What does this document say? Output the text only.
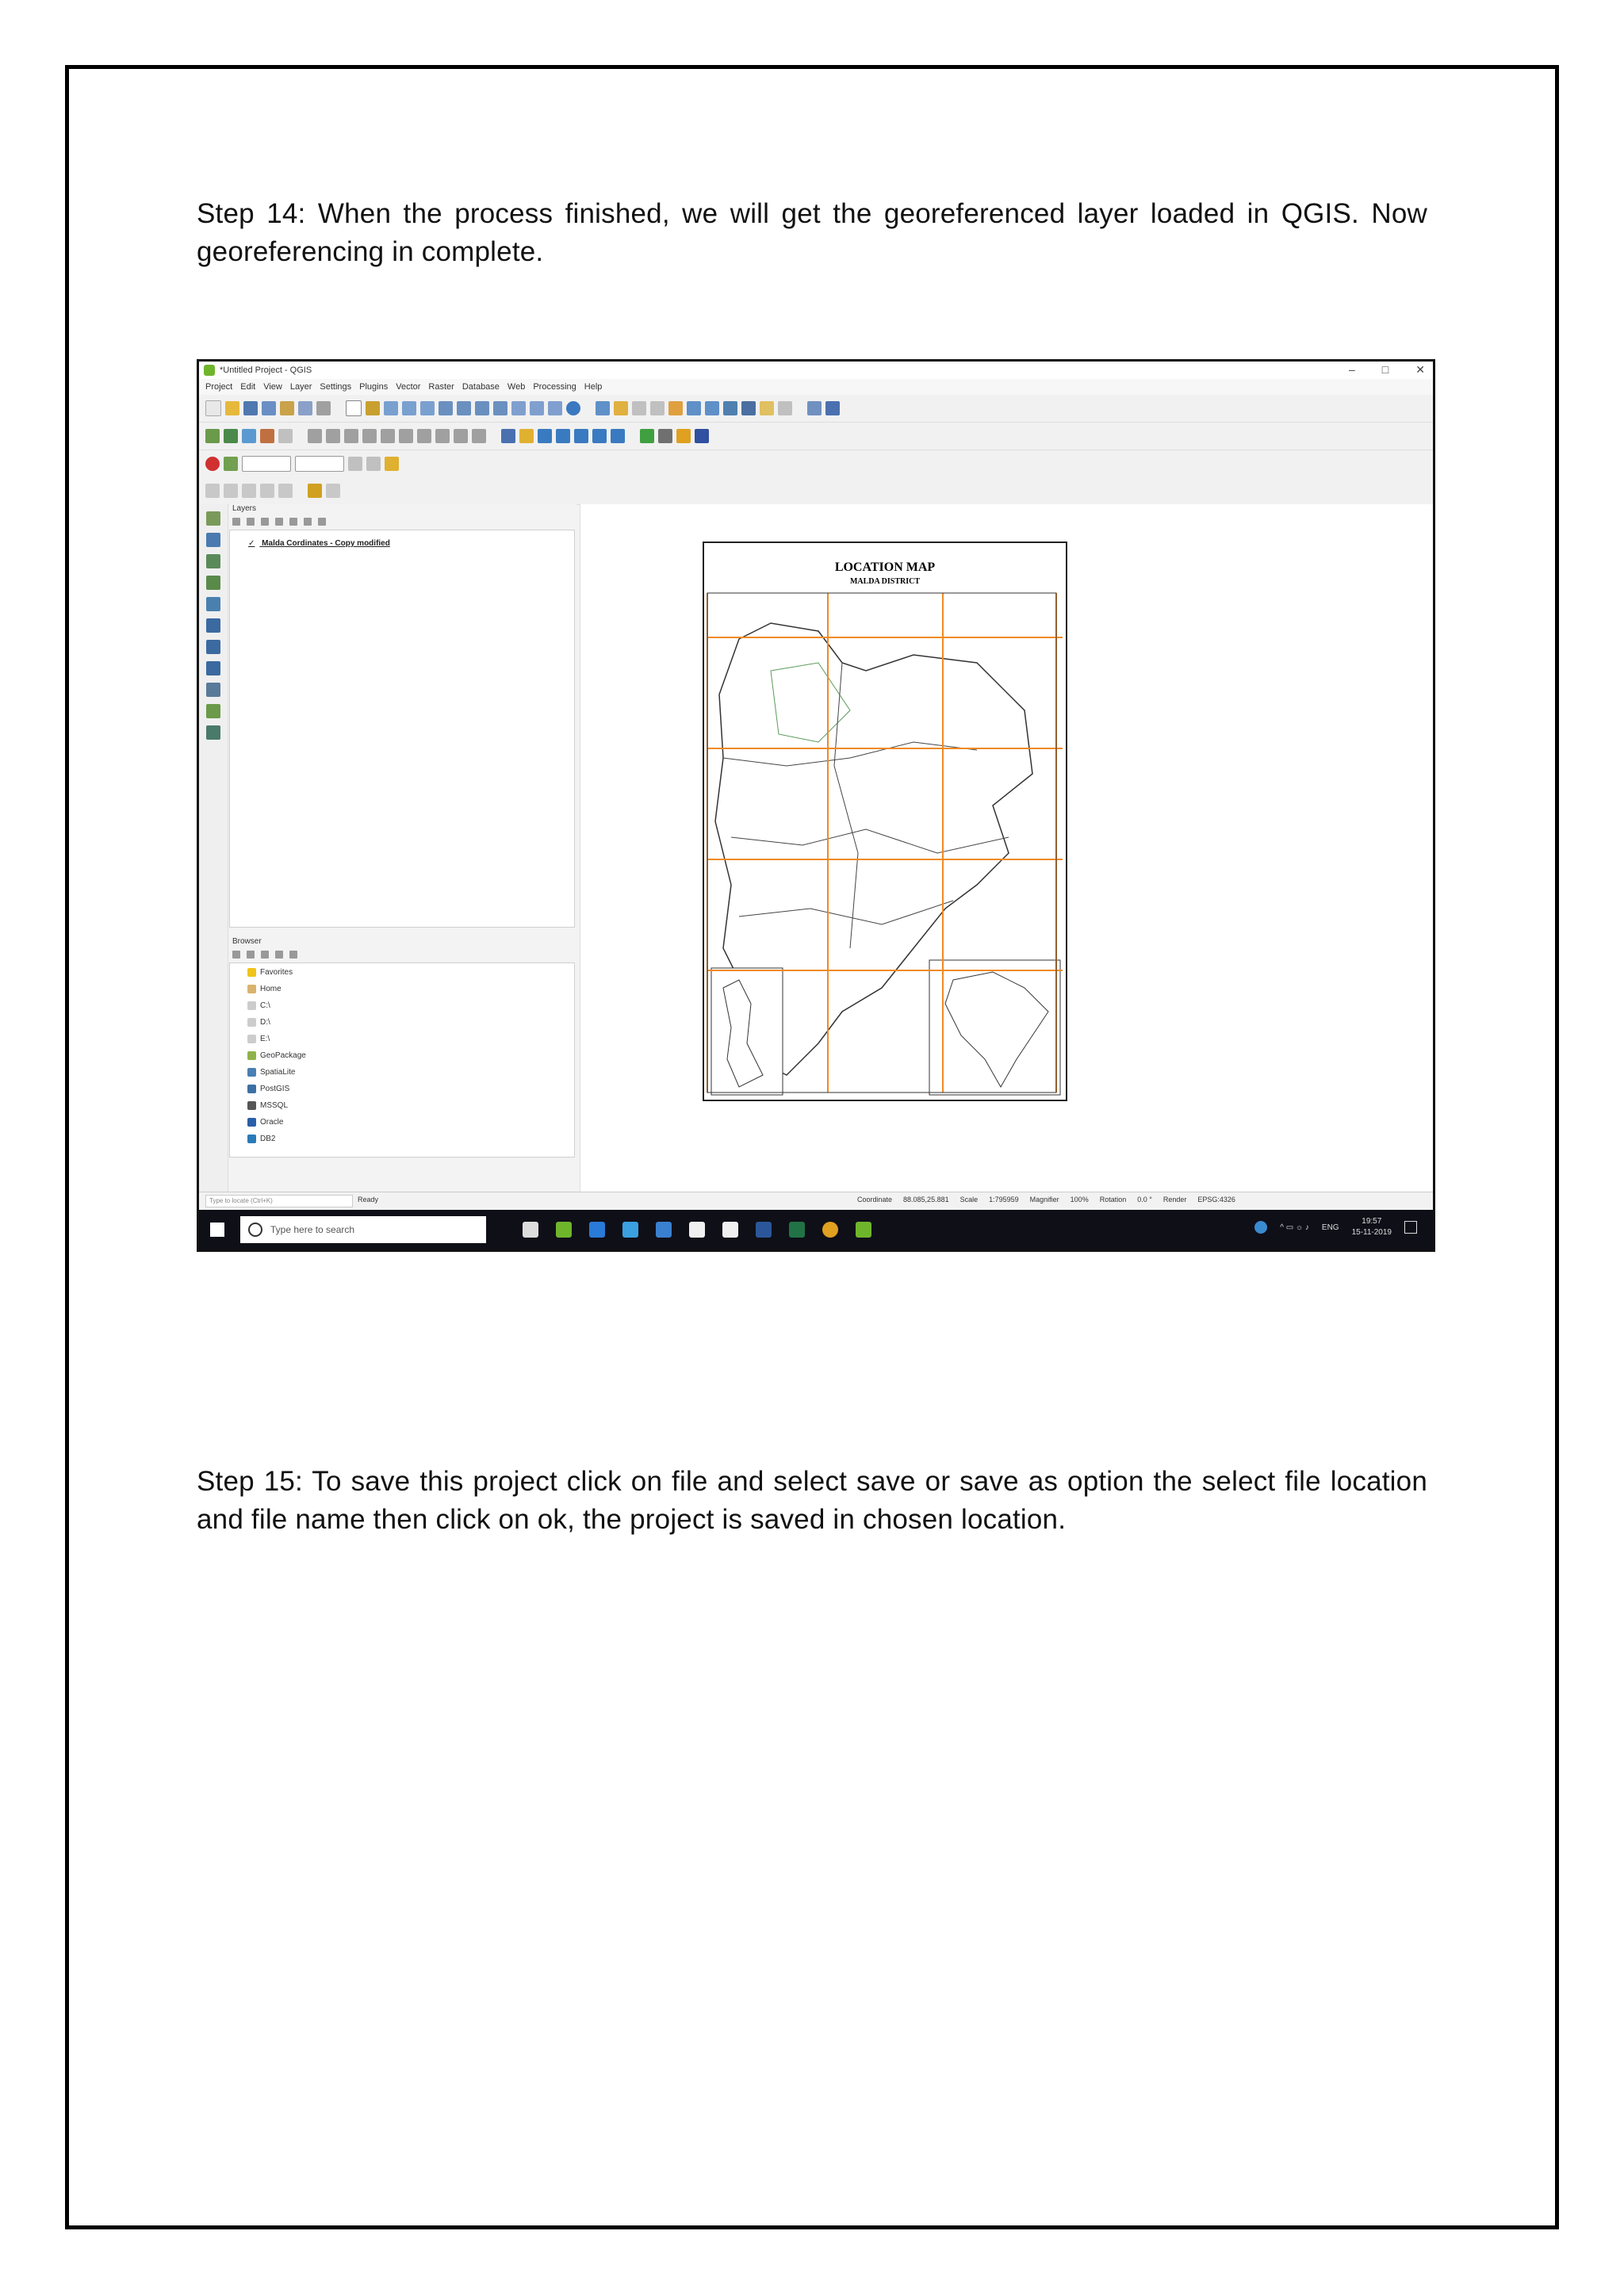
Step 14: When the process finished, we will get the georeferenced layer loaded in QGIS. Now georeferencing in complete.
*Untitled Project - QGIS	– □ ✕
Project Edit View Layer Settings Plugins Vector Raster Database Web Processing Help
Layers
✓ Malda Cordinates - Copy modified
Browser
Favorites
Home
C:\
D:\
E:\
GeoPackage
SpatiaLite
PostGIS
MSSQL
Oracle
DB2
LOCATION MAP
MALDA DISTRICT
Type to locate (Ctrl+K)	Ready	Coordinate 88.085,25.881 Scale 1:795959 Magnifier 100% Rotation 0.0 ° Render EPSG:4326
Type here to search	^ ▭ ☼ ♪ ENG
19:57
15-11-2019
Step 15: To save this project click on file and select save or save as option the select file location and file name then click on ok, the project is saved in chosen location.
